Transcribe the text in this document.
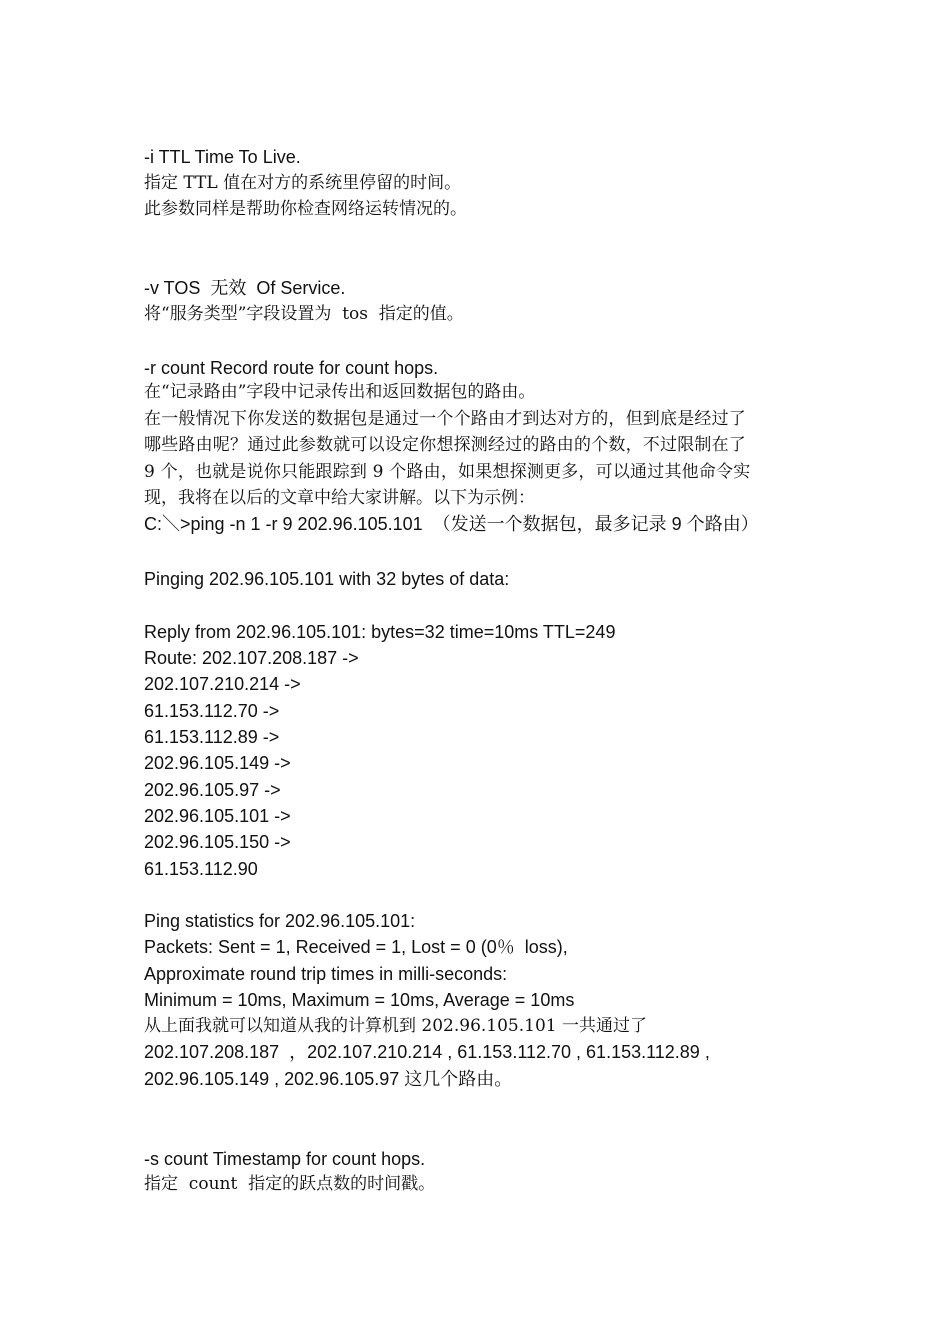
-i TTL Time To Live.

指定 TTL 值在对方的系统里停留的时间。

此参数同样是帮助你检查网络运转情况的。

-v TOS  无效  Of Service.

将“服务类型”字段设置为  tos  指定的值。

-r count Record route for count hops.

在“记录路由”字段中记录传出和返回数据包的路由。

在一般情况下你发送的数据包是通过一个个路由才到达对方的，但到底是经过了

哪些路由呢？通过此参数就可以设定你想探测经过的路由的个数，不过限制在了

9 个，也就是说你只能跟踪到 9 个路由，如果想探测更多，可以通过其他命令实

现，我将在以后的文章中给大家讲解。以下为示例：

C:＼>ping -n 1 -r 9 202.96.105.101  （发送一个数据包，最多记录 9 个路由）

Pinging 202.96.105.101 with 32 bytes of data:

Reply from 202.96.105.101: bytes=32 time=10ms TTL=249

Route: 202.107.208.187 ->

202.107.210.214 ->

61.153.112.70 ->

61.153.112.89 ->

202.96.105.149 ->

202.96.105.97 ->

202.96.105.101 ->

202.96.105.150 ->

61.153.112.90

Ping statistics for 202.96.105.101:

Packets: Sent = 1, Received = 1, Lost = 0 (0％  loss),

Approximate round trip times in milli-seconds:

Minimum = 10ms, Maximum = 10ms, Average = 10ms

从上面我就可以知道从我的计算机到 202.96.105.101 一共通过了

202.107.208.187  ，202.107.210.214 , 61.153.112.70 , 61.153.112.89 ,

202.96.105.149 , 202.96.105.97 这几个路由。

-s count Timestamp for count hops.

指定  count  指定的跃点数的时间戳。
